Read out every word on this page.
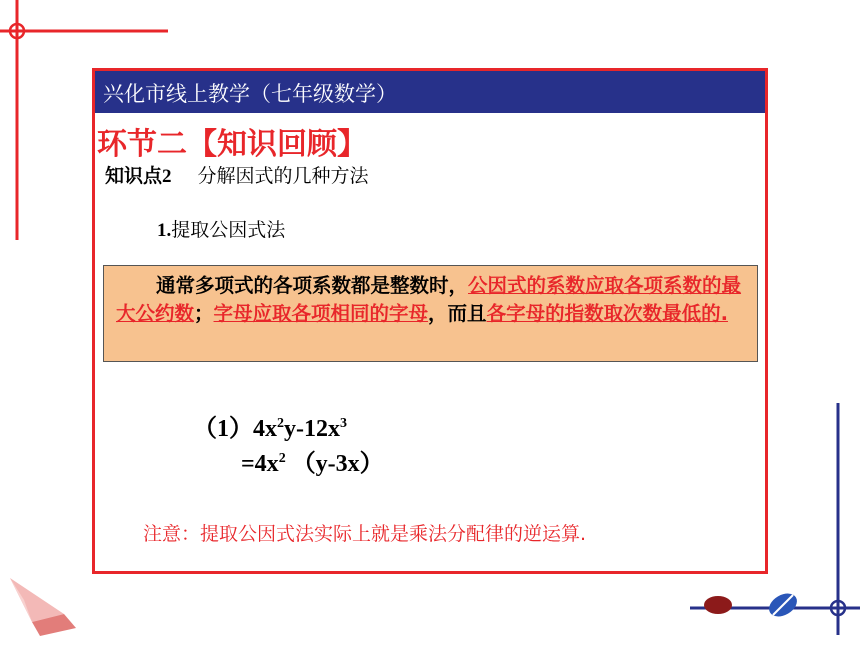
兴化市线上教学（七年级数学）
环节二【知识回顾】
知识点2 分解因式的几种方法
1.提取公因式法
通常多项式的各项系数都是整数时，公因式的系数应取各项系数的最大公约数；字母应取各项相同的字母，而且各字母的指数取次数最低的.
$(1)4x^2y-12x^3$
$=4x^2$ （y-3x）
注意：提取公因式法实际上就是乘法分配律的逆运算.
